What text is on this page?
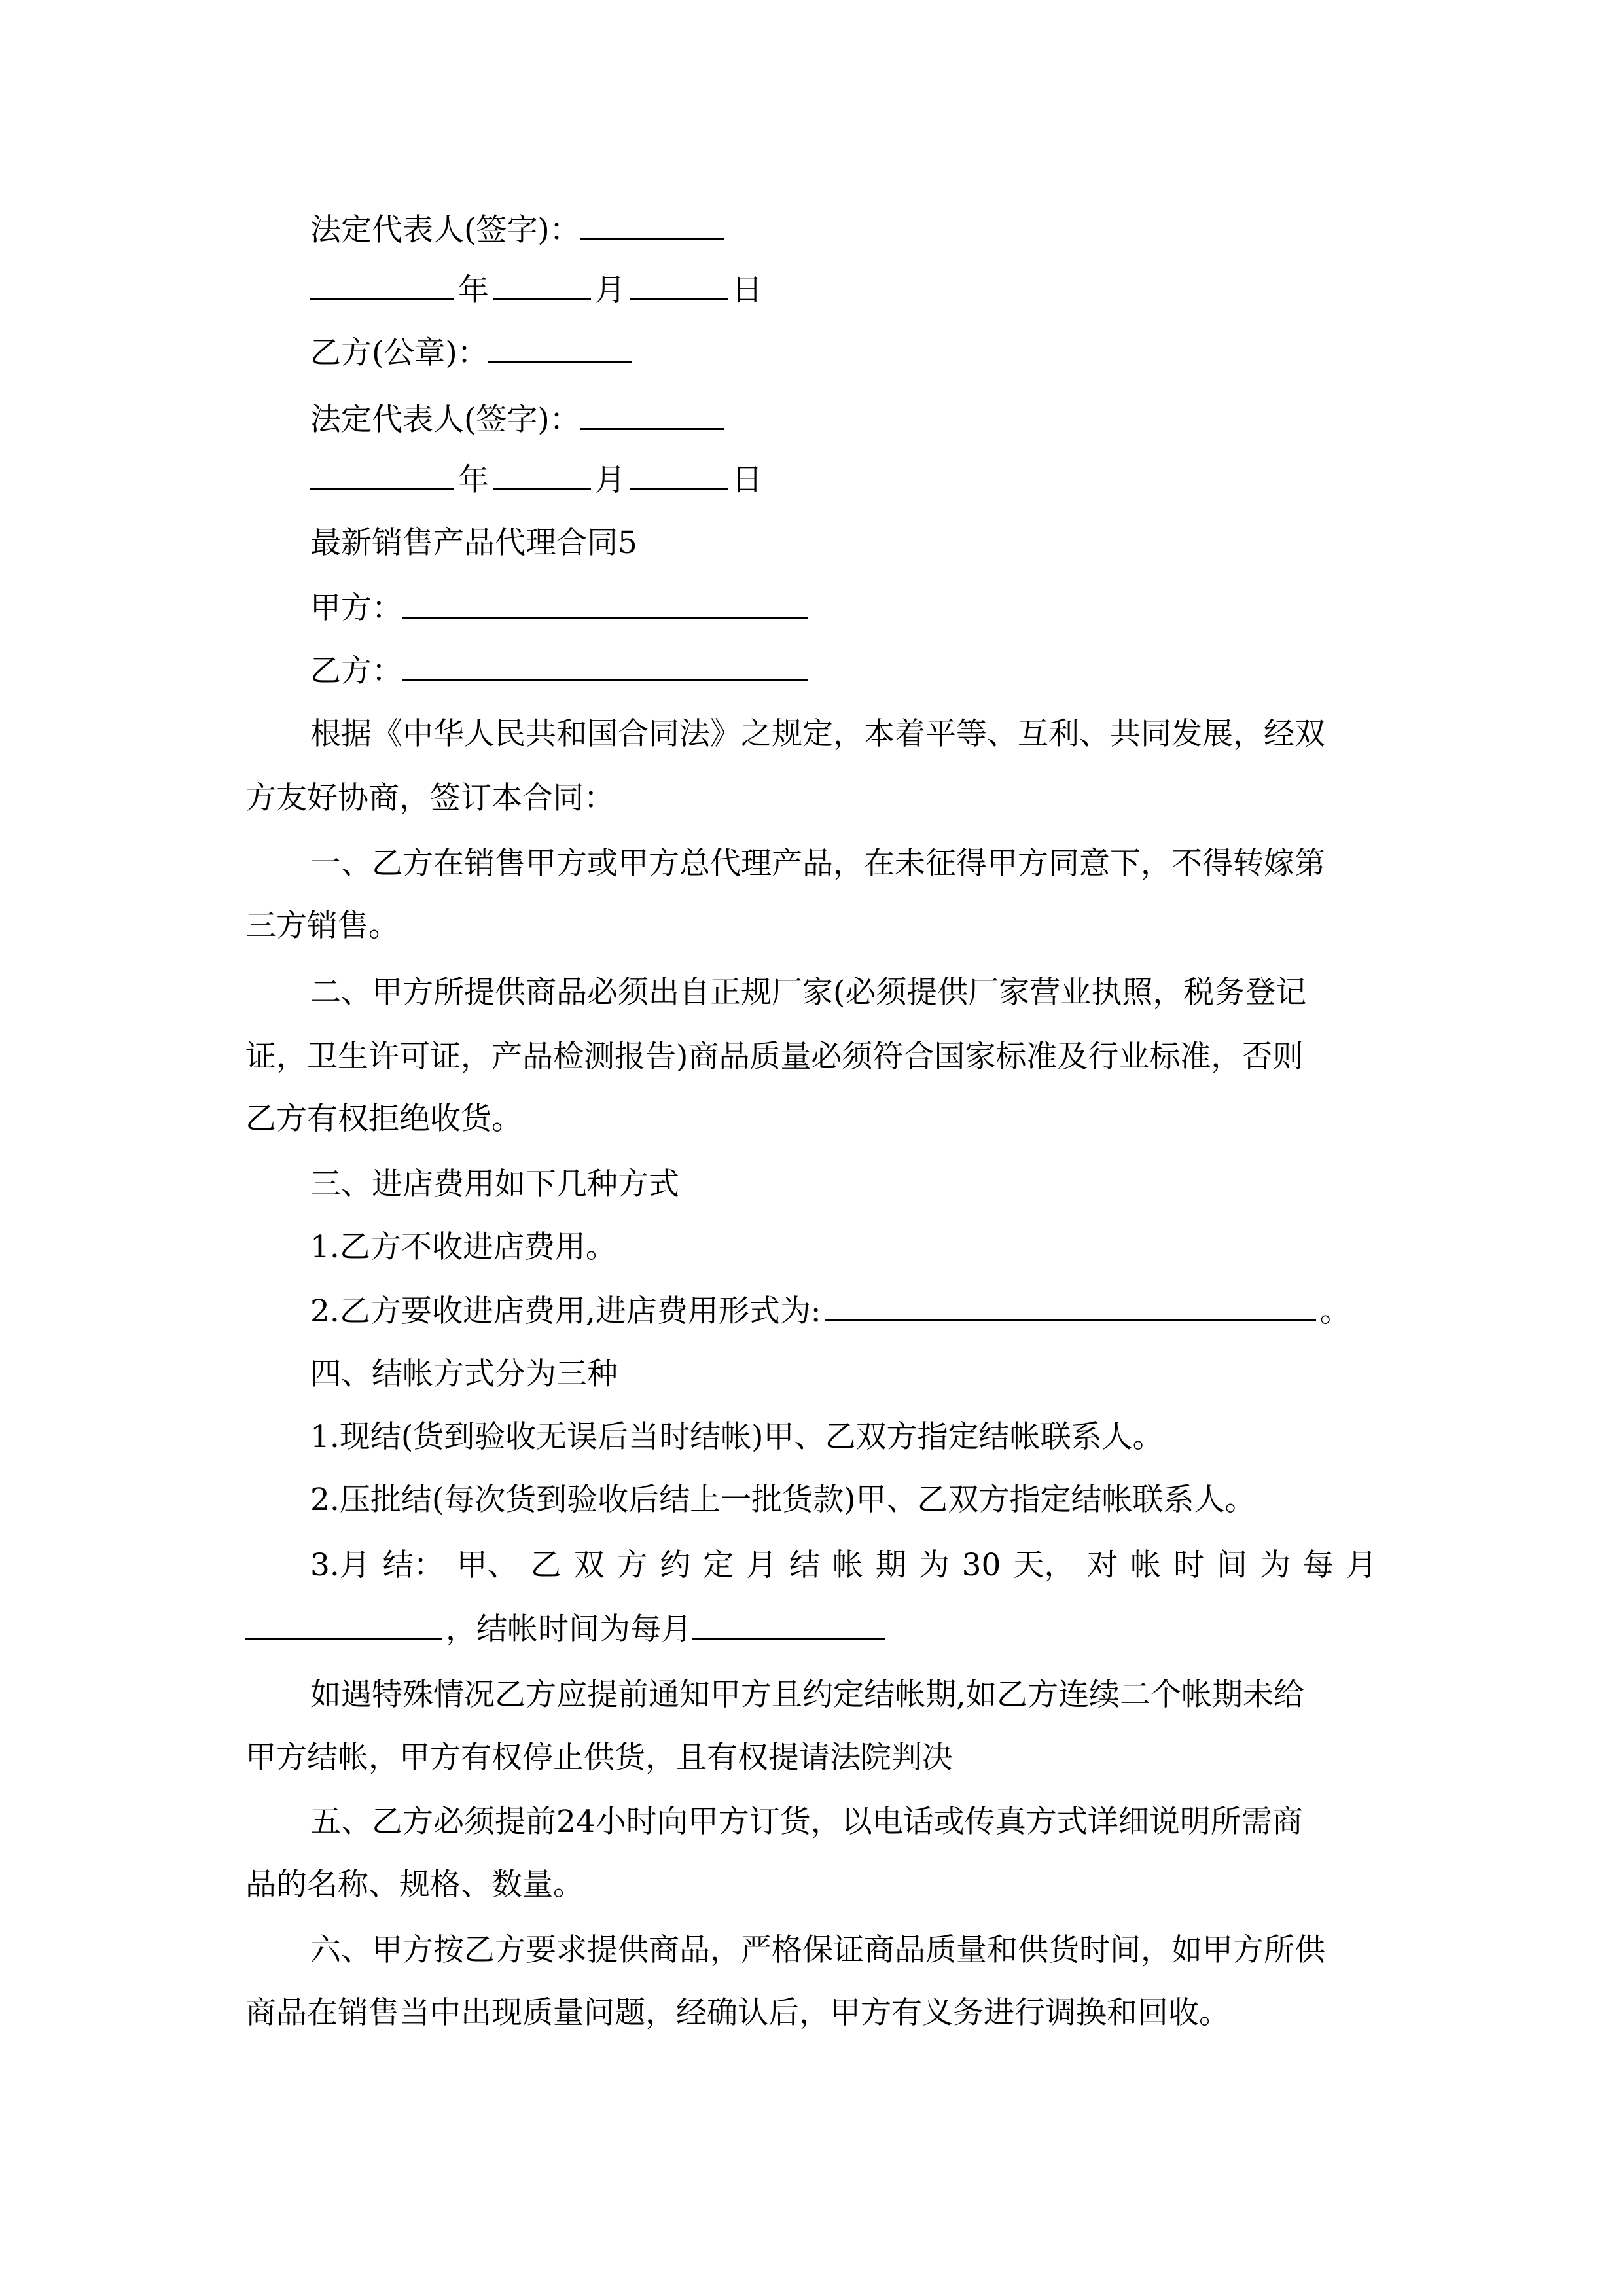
法定代表人(签字)：
年	月	日
乙方(公章)：
法定代表人(签字)：
年	月	日
最新销售产品代理合同5
甲方：
乙方：
根据《中华人民共和国合同法》之规定，本着平等、互利、共同发展，经双
方友好协商，签订本合同：
一、乙方在销售甲方或甲方总代理产品，在未征得甲方同意下，不得转嫁第
三方销售。
二、甲方所提供商品必须出自正规厂家(必须提供厂家营业执照，税务登记
证，卫生许可证，产品检测报告)商品质量必须符合国家标准及行业标准，否则
乙方有权拒绝收货。
三、进店费用如下几种方式
1.乙方不收进店费用。
2.乙方要收进店费用,进店费用形式为:	。
四、结帐方式分为三种
1.现结(货到验收无误后当时结帐)甲、乙双方指定结帐联系人。
2.压批结(每次货到验收后结上一批货款)甲、乙双方指定结帐联系人。
3.月 结： 甲、 乙 双 方 约 定 月 结 帐 期 为 30 天， 对 帐 时 间 为 每 月
，结帐时间为每月
如遇特殊情况乙方应提前通知甲方且约定结帐期,如乙方连续二个帐期未给
甲方结帐，甲方有权停止供货，且有权提请法院判决
五、乙方必须提前24小时向甲方订货，以电话或传真方式详细说明所需商
品的名称、规格、数量。
六、甲方按乙方要求提供商品，严格保证商品质量和供货时间，如甲方所供
商品在销售当中出现质量问题，经确认后，甲方有义务进行调换和回收。
